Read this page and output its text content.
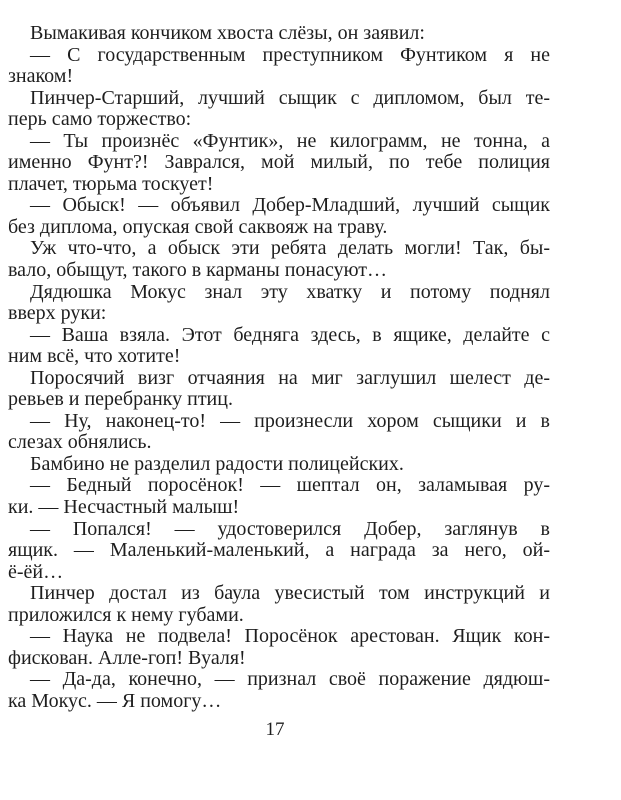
Вымакивая кончиком хвоста слёзы, он заявил:
— С государственным преступником Фунтиком я не
знаком!
Пинчер-Старший, лучший сыщик с дипломом, был те-
перь само торжество:
— Ты произнёс «Фунтик», не килограмм, не тонна, а
именно Фунт?! Заврался, мой милый, по тебе полиция
плачет, тюрьма тоскует!
— Обыск! — объявил Добер-Младший, лучший сыщик
без диплома, опуская свой саквояж на траву.
Уж что-что, а обыск эти ребята делать могли! Так, бы-
вало, обыщут, такого в карманы понасуют…
Дядюшка Мокус знал эту хватку и потому поднял
вверх руки:
— Ваша взяла. Этот бедняга здесь, в ящике, делайте с
ним всё, что хотите!
Поросячий визг отчаяния на миг заглушил шелест де-
ревьев и перебранку птиц.
— Ну, наконец-то! — произнесли хором сыщики и в
слезах обнялись.
Бамбино не разделил радости полицейских.
— Бедный поросёнок! — шептал он, заламывая ру-
ки. — Несчастный малыш!
— Попался! — удостоверился Добер, заглянув в
ящик. — Маленький-маленький, а награда за него, ой-
ё-ёй…
Пинчер достал из баула увесистый том инструкций и
приложился к нему губами.
— Наука не подвела! Поросёнок арестован. Ящик кон-
фискован. Алле-гоп! Вуаля!
— Да-да, конечно, — признал своё поражение дядюш-
ка Мокус. — Я помогу…
17
